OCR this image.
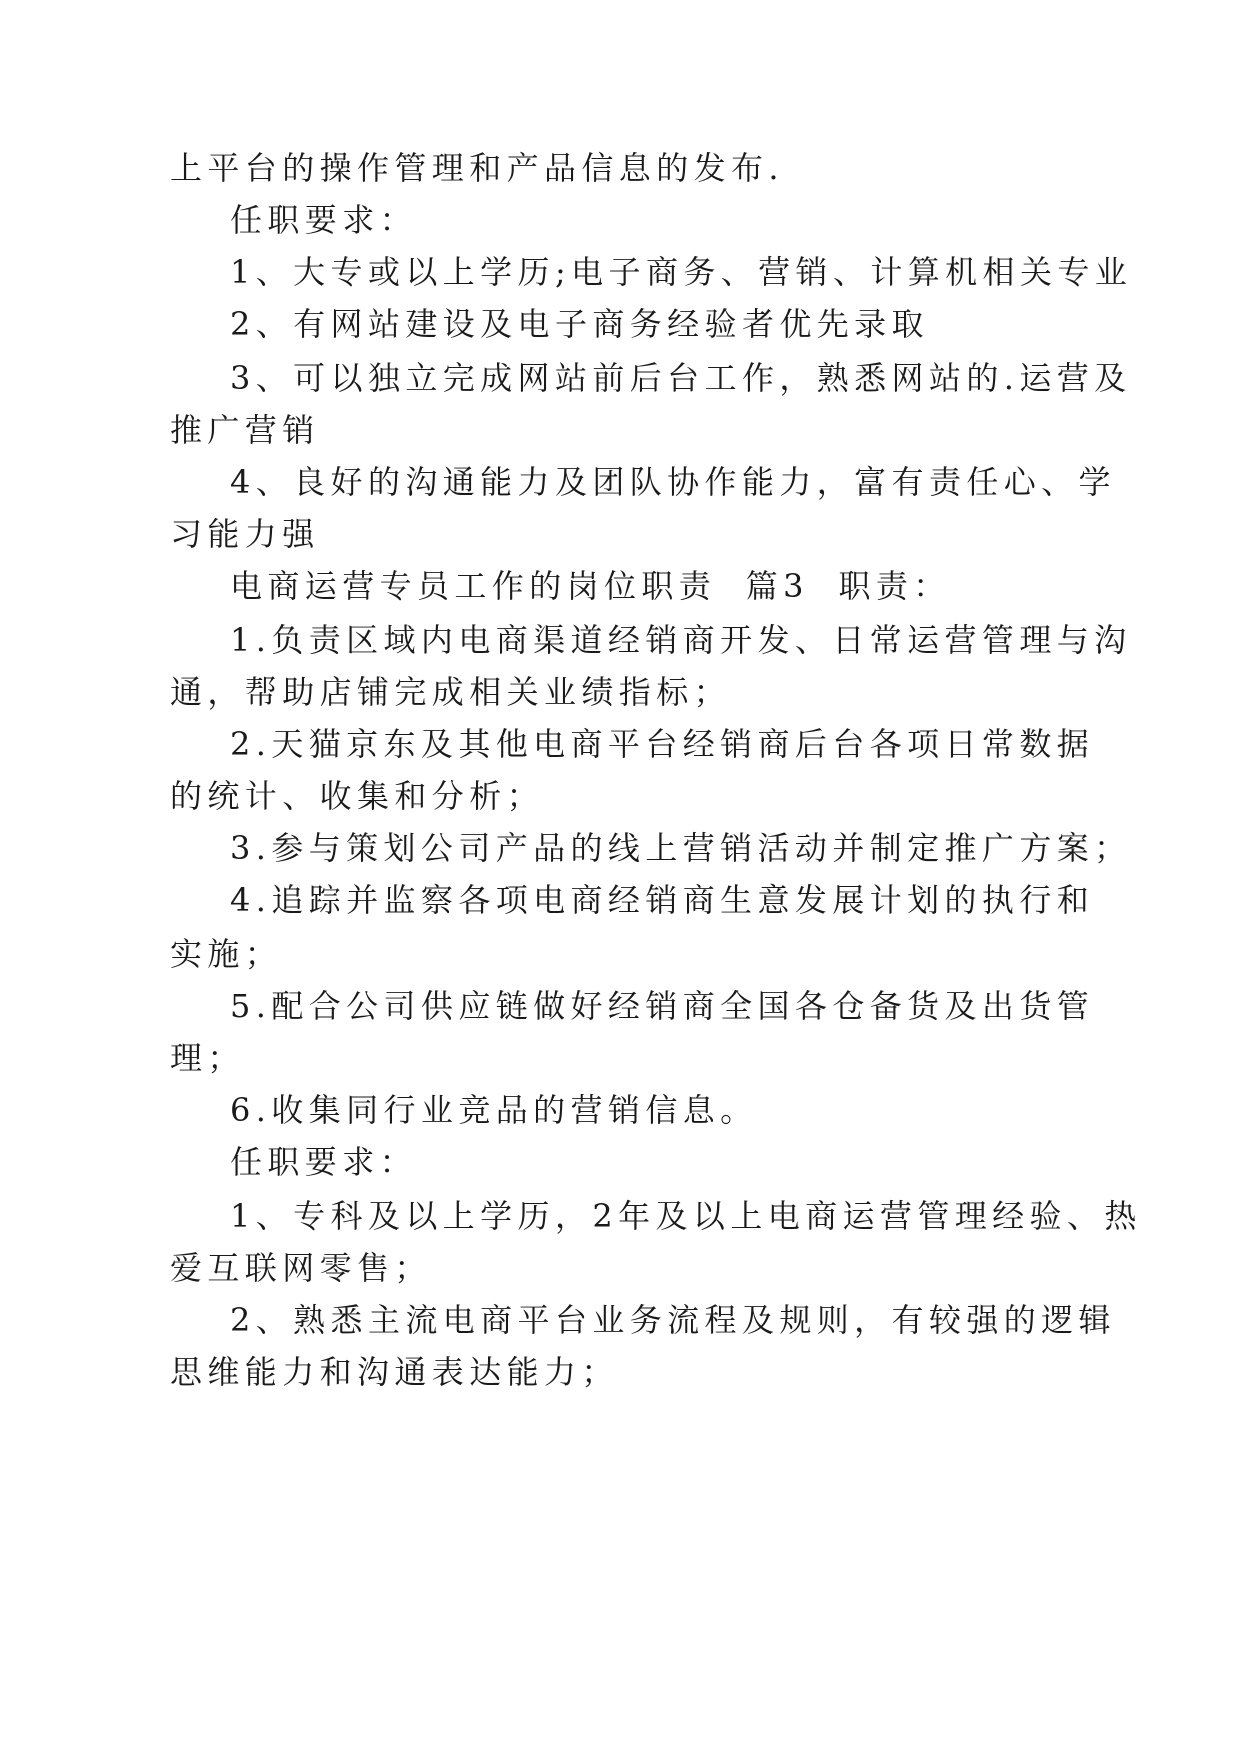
上平台的操作管理和产品信息的发布.
任职要求：
1、大专或以上学历;电子商务、营销、计算机相关专业
2、有网站建设及电子商务经验者优先录取
3、可以独立完成网站前后台工作，熟悉网站的.运营及
推广营销
4、良好的沟通能力及团队协作能力，富有责任心、学
习能力强
电商运营专员工作的岗位职责 篇3 职责：
1.负责区域内电商渠道经销商开发、日常运营管理与沟
通，帮助店铺完成相关业绩指标；
2.天猫京东及其他电商平台经销商后台各项日常数据
的统计、收集和分析；
3.参与策划公司产品的线上营销活动并制定推广方案；
4.追踪并监察各项电商经销商生意发展计划的执行和
实施；
5.配合公司供应链做好经销商全国各仓备货及出货管
理；
6.收集同行业竞品的营销信息。
任职要求：
1、专科及以上学历，2年及以上电商运营管理经验、热
爱互联网零售；
2、熟悉主流电商平台业务流程及规则，有较强的逻辑
思维能力和沟通表达能力；
